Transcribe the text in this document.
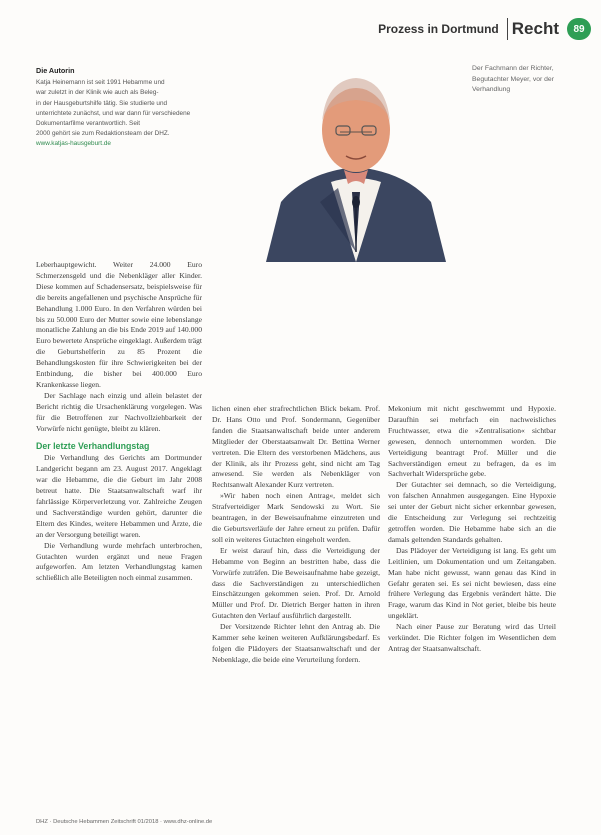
Prozess in Dortmund Recht	89
Die Autorin
Katja Heinemann ist seit 1991 Hebamme und
war zuletzt in der Klinik wie auch als Beleg-
in der Hausgeburtshilfe tätig. Sie studierte und
unterrichtete zunächst, und war dann für verschiedene
Dokumentarfilme verantwortlich. Seit
2000 gehört sie zum Redaktionsteam der DHZ.
www.katjas-hausgeburt.de
Der Fachmann der Richter, Begutachter Meyer, vor der Verhandlung

Leberhauptgewicht. Weiter 24.000 Euro Schmerzensgeld und die Nebenkläger aller Kinder. Diese kommen auf Schadensersatz, beispielsweise für die bereits angefallenen und psychische Ansprüche für Behandlung 1.000 Euro. In den Verfahren würden bei bis zu 50.000 Euro der Mutter sowie eine lebenslange monatliche Zahlung an die bis Ende 2019 auf 140.000 Euro bewertete Ansprüche eingeklagt. Außerdem trägt die Geburtshelferin zu 85 Prozent die Behandlungskosten für ihre Schwierigkeiten bei der Entbindung, die bisher bei 400.000 Euro Krankenkasse liegen.

Der Sachlage nach einzig und allein belastet der Bericht richtig die Ursachenklärung vorgelegen. Was für die Betroffenen zur Nachvollziehbarkeit der Vorwürfe nicht genügte, bleibt zu klären.

Der letzte Verhandlungstag

Die Verhandlung des Gerichts am Dortmunder Landgericht begann am 23. August 2017. Angeklagt war die Hebamme, die die Geburt im Jahr 2008 betreut hatte. Die Staatsanwaltschaft warf ihr fahrlässige Körperverletzung vor. Zahlreiche Zeugen und Sachverständige wurden gehört, darunter die Eltern des Kindes, weitere Hebammen und Ärzte, die an der Versorgung beteiligt waren.

Die Verhandlung wurde mehrfach unterbrochen, Gutachten wurden ergänzt und neue Fragen aufgeworfen. Am letzten Verhandlungstag kamen schließlich alle Beteiligten noch einmal zusammen.

lichen einen eher strafrechtlichen Blick bekam. Prof. Dr. Hans Otto und Prof. Sondermann, Gegenüber fanden die Staatsanwaltschaft beide unter anderem Mitglieder der Oberstaatsanwalt Dr. Bettina Werner vertreten. Die Eltern des verstorbenen Mädchens, aus der Klinik, als ihr Prozess geht, sind nicht am Tag anwesend. Sie werden als Nebenkläger von Rechtsanwalt Alexander Kurz vertreten.

»Wir haben noch einen Antrag«, meldet sich Strafverteidiger Mark Sendowski zu Wort. Sie beantragen, in der Beweisaufnahme einzutreten und die Geburtsverläufe der Jahre erneut zu prüfen. Dafür soll ein weiteres Gutachten eingeholt werden.

Er weist darauf hin, dass die Verteidigung der Hebamme von Beginn an bestritten habe, dass die Vorwürfe zuträfen. Die Beweisaufnahme habe gezeigt, dass die Sachverständigen zu unterschiedlichen Einschätzungen gekommen seien. Prof. Dr. Arnold Müller und Prof. Dr. Dietrich Berger hatten in ihren Gutachten den Verlauf ausführlich dargestellt.

Der Vorsitzende Richter lehnt den Antrag ab. Die Kammer sehe keinen weiteren Aufklärungsbedarf. Es folgen die Plädoyers der Staatsanwaltschaft und der Nebenklage, die beide eine Verurteilung fordern.

Mekonium mit nicht geschwemmt und Hypoxie. Daraufhin sei mehrfach ein nachweisliches Fruchtwasser, etwa die »Zentralisation« sichtbar gewesen, dennoch unternommen worden. Die Verteidigung beantragt Prof. Müller und die Sachverständigen erneut zu befragen, da es im Sachverhalt Widersprüche gebe.

Der Gutachter sei demnach, so die Verteidigung, von falschen Annahmen ausgegangen. Eine Hypoxie sei unter der Geburt nicht sicher erkennbar gewesen, die Entscheidung zur Verlegung sei rechtzeitig getroffen worden. Die Hebamme habe sich an die damals geltenden Standards gehalten.

Das Plädoyer der Verteidigung ist lang. Es geht um Leitlinien, um Dokumentation und um Zeitangaben. Man habe nicht gewusst, wann genau das Kind in Gefahr geraten sei. Es sei nicht bewiesen, dass eine frühere Verlegung das Ergebnis verändert hätte. Die Frage, warum das Kind in Not geriet, bleibe bis heute ungeklärt.

Nach einer Pause zur Beratung wird das Urteil verkündet. Die Richter folgen im Wesentlichen dem Antrag der Staatsanwaltschaft.

DHZ · Deutsche Hebammen Zeitschrift 01/2018 · www.dhz-online.de
